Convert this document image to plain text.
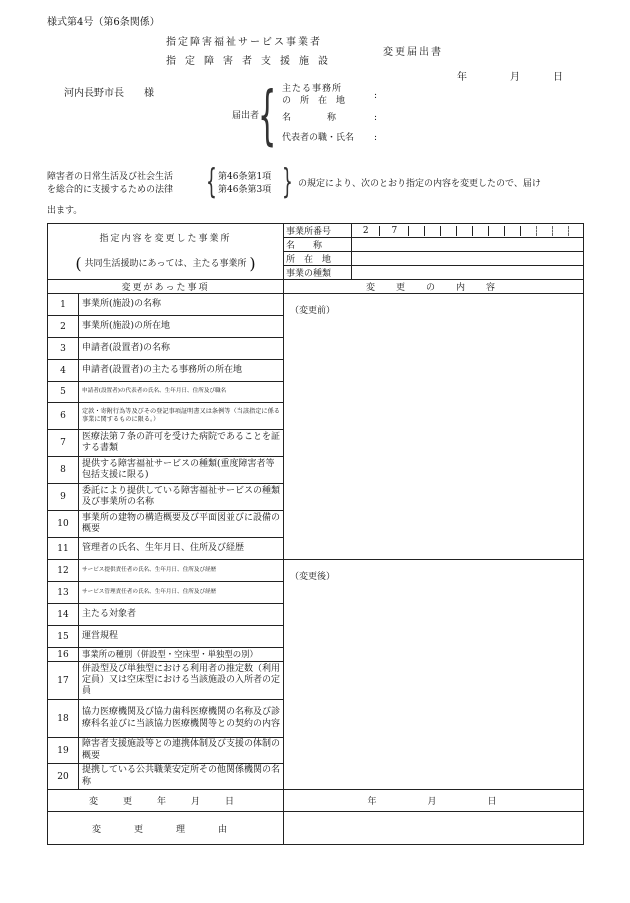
様式第4号（第6条関係）
指定障害福祉サービス事業者
指定障害者支援施設
変更届出書
年	月	日
河内長野市長　　様
届出者
{ 主たる事務所
の　所　在　地	:
名　　　　称	:
代表者の職・氏名 :
障害者の日常生活及び社会生活
を総合的に支援するための法律 { 第46条第1項
第46条第3項 } の規定により、次のとおり指定の内容を変更したので、届け
出ます。
指定内容を変更した事業所
( 共同生活援助にあっては、主たる事業所 )
	事業所番号		2	7											

名　　称	
所　在　地	
事業の種類	
変更があった事項	変　更　の　内　容
1	事業所(施設)の名称	（変更前）
2	事業所(施設)の所在地
3	申請者(設置者)の名称
4	申請者(設置者)の主たる事務所の所在地
5	申請者(設置者)の代表者の氏名、生年月日、住所及び職名
6	定款・寄附行為等及びその登記事項証明書又は条例等（当該指定に係る事業に関するものに限る。）
7	医療法第７条の許可を受けた病院であることを証する書類
8	提供する障害福祉サービスの種類(重度障害者等包括支援に限る)
9	委託により提供している障害福祉サービスの種類及び事業所の名称
10	事業所の建物の構造概要及び平面図並びに設備の概要
11	管理者の氏名、生年月日、住所及び経歴
12	サービス提供責任者の氏名、生年月日、住所及び経歴	（変更後）
13	サービス管理責任者の氏名、生年月日、住所及び経歴
14	主たる対象者
15	運営規程
16	事業所の種別（併設型・空床型・単独型の別）
17	併設型及び単独型における利用者の推定数（利用定員）又は空床型における当該施設の入所者の定員
18	協力医療機関及び協力歯科医療機関の名称及び診療科名並びに当該協力医療機関等との契約の内容
19	障害者支援施設等との連携体制及び支援の体制の概要
20	提携している公共職業安定所その他関係機関の名称
変　更　年　月　日	年　　　　月　　　　日
変　更　理　由	
